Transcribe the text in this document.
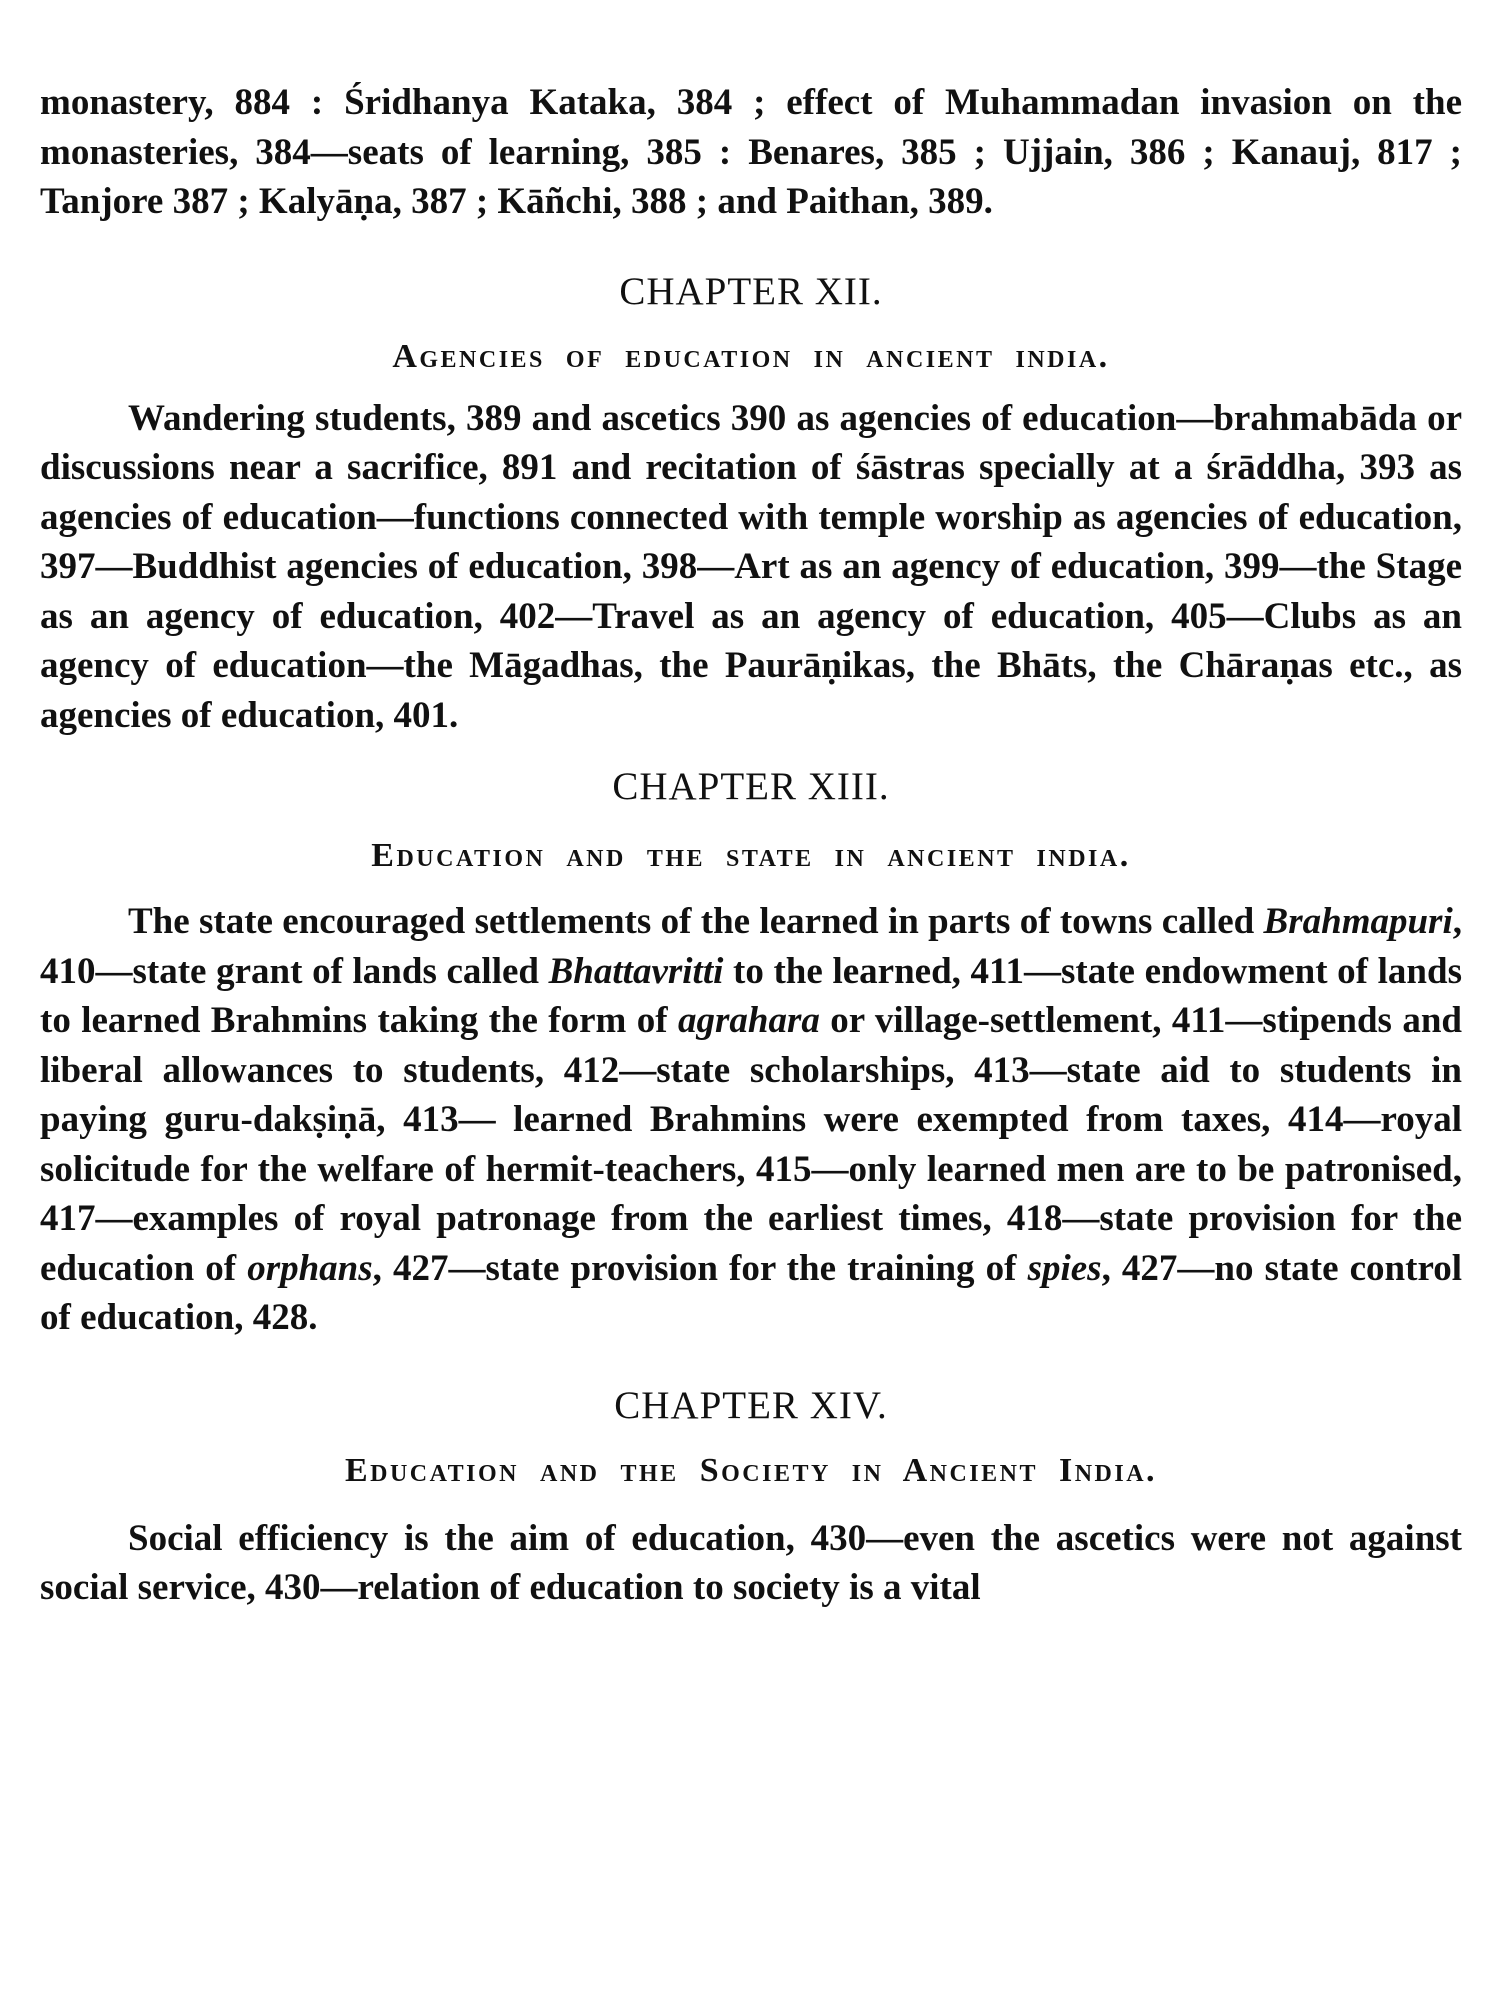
monastery, 884 : Śridhanya Kataka, 384 ; effect of Muhammadan invasion on the monasteries, 384—seats of learning, 385 : Benares, 385 ; Ujjain, 386 ; Kanauj, 817 ; Tanjore 387 ; Kalyāṇa, 387 ; Kāñchi, 388 ; and Paithan, 389.

CHAPTER XII.
Agencies of education in ancient india.

Wandering students, 389 and ascetics 390 as agencies of education—brahmabāda or discussions near a sacrifice, 891 and recitation of śāstras specially at a śrāddha, 393 as agencies of education—functions connected with temple worship as agencies of education, 397—Buddhist agencies of education, 398—Art as an agency of education, 399—the Stage as an agency of education, 402—Travel as an agency of education, 405—Clubs as an agency of education—the Māgadhas, the Paurāṇikas, the Bhāts, the Chāraṇas etc., as agencies of education, 401.

CHAPTER XIII.
Education and the state in ancient india.

The state encouraged settlements of the learned in parts of towns called Brahmapuri, 410—state grant of lands called Bhattavritti to the learned, 411—state endowment of lands to learned Brahmins taking the form of agrahara or village-settlement, 411—stipends and liberal allowances to students, 412—state scholarships, 413—state aid to students in paying guru-dakṣiṇā, 413— learned Brahmins were exempted from taxes, 414—royal solicitude for the welfare of hermit-teachers, 415—only learned men are to be patronised, 417—examples of royal patronage from the earliest times, 418—state provision for the education of orphans, 427—state provision for the training of spies, 427—no state control of education, 428.

CHAPTER XIV.
Education and the Society in Ancient India.

Social efficiency is the aim of education, 430—even the ascetics were not against social service, 430—relation of education to society is a vital
